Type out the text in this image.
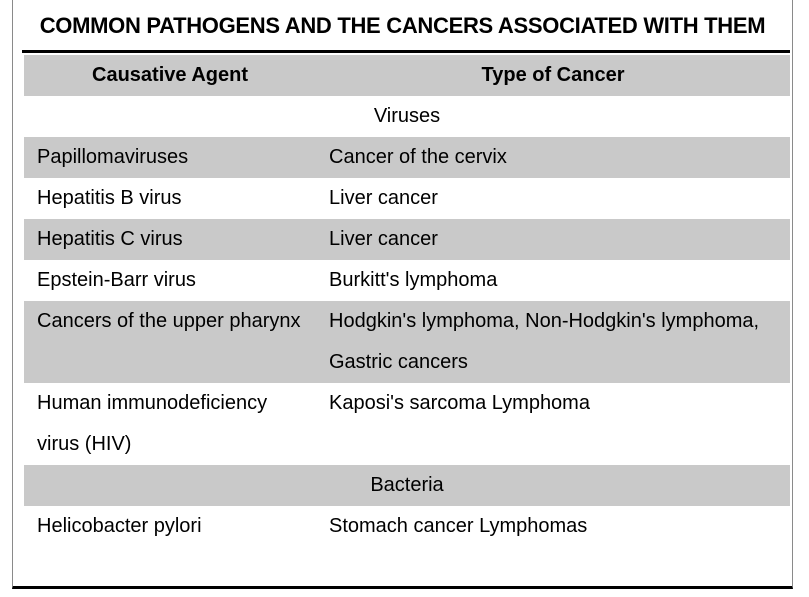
COMMON PATHOGENS AND THE CANCERS ASSOCIATED WITH THEM
Causative Agent	Type of Cancer
Viruses	
Papillomaviruses	Cancer of the cervix
Hepatitis B virus	Liver cancer
Hepatitis C virus	Liver cancer
Epstein-Barr virus	Burkitt's lymphoma
Cancers of the upper pharynx	Hodgkin's lymphoma, Non-Hodgkin's lymphoma, Gastric cancers
Human immunodeficiency virus (HIV)	Kaposi's sarcoma Lymphoma
Bacteria	
Helicobacter pylori	Stomach cancer Lymphomas
